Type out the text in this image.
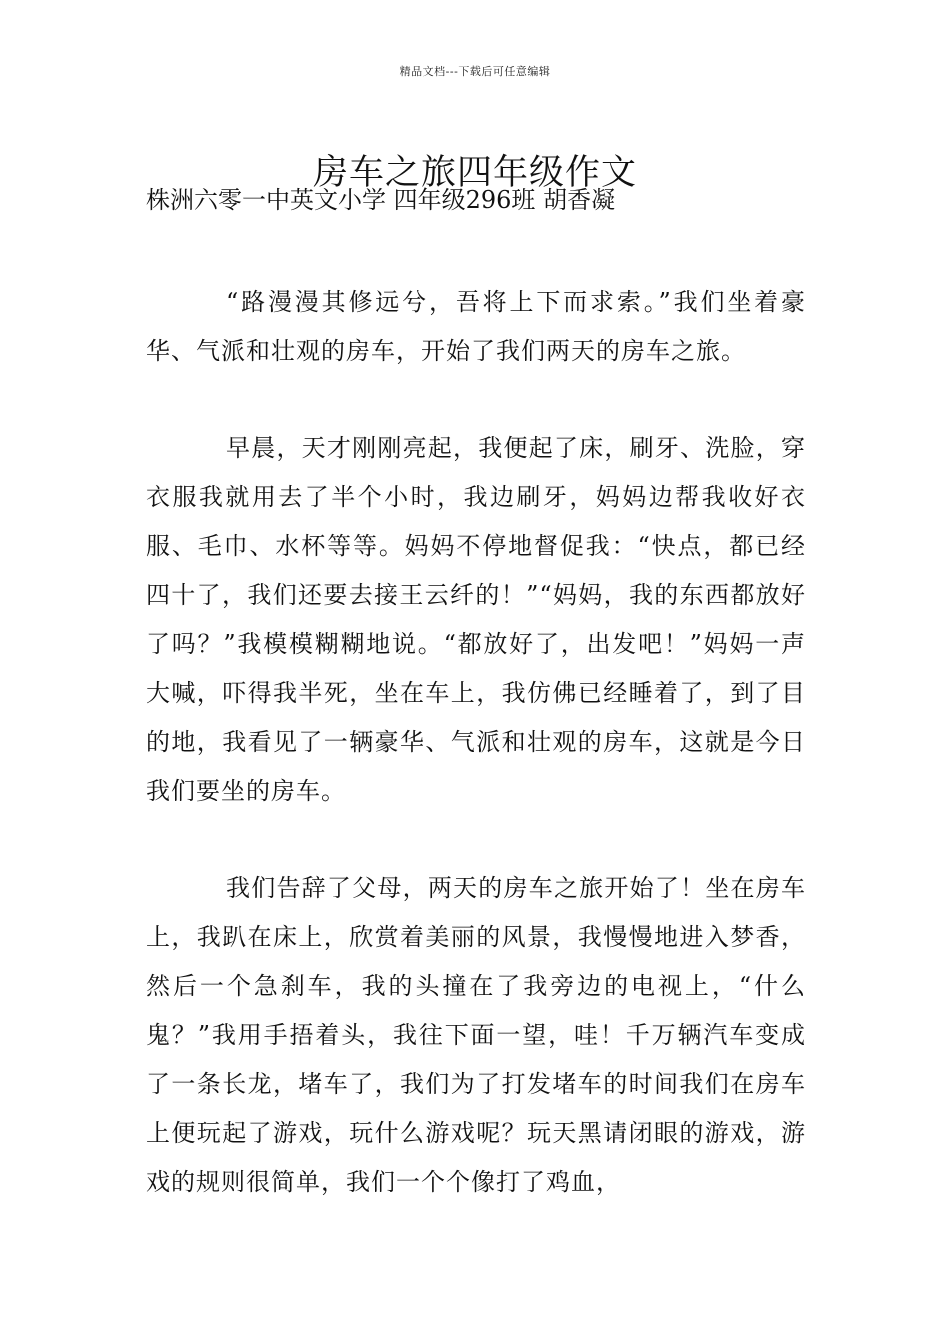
精品文档---下载后可任意编辑
房车之旅四年级作文
株洲六零一中英文小学 四年级296班 胡香凝

“路漫漫其修远兮，吾将上下而求索。”我们坐着豪华、气派和壮观的房车，开始了我们两天的房车之旅。

早晨，天才刚刚亮起，我便起了床，刷牙、洗脸，穿衣服我就用去了半个小时，我边刷牙，妈妈边帮我收好衣服、毛巾、水杯等等。妈妈不停地督促我：“快点，都已经四十了，我们还要去接王云纤的！”“妈妈，我的东西都放好了吗？”我模模糊糊地说。“都放好了，出发吧！”妈妈一声大喊，吓得我半死，坐在车上，我仿佛已经睡着了，到了目的地，我看见了一辆豪华、气派和壮观的房车，这就是今日我们要坐的房车。

我们告辞了父母，两天的房车之旅开始了！坐在房车上，我趴在床上，欣赏着美丽的风景，我慢慢地进入梦香，然后一个急刹车，我的头撞在了我旁边的电视上，“什么鬼？”我用手捂着头，我往下面一望，哇！千万辆汽车变成了一条长龙，堵车了，我们为了打发堵车的时间我们在房车上便玩起了游戏，玩什么游戏呢？玩天黑请闭眼的游戏，游戏的规则很简单，我们一个个像打了鸡血，
